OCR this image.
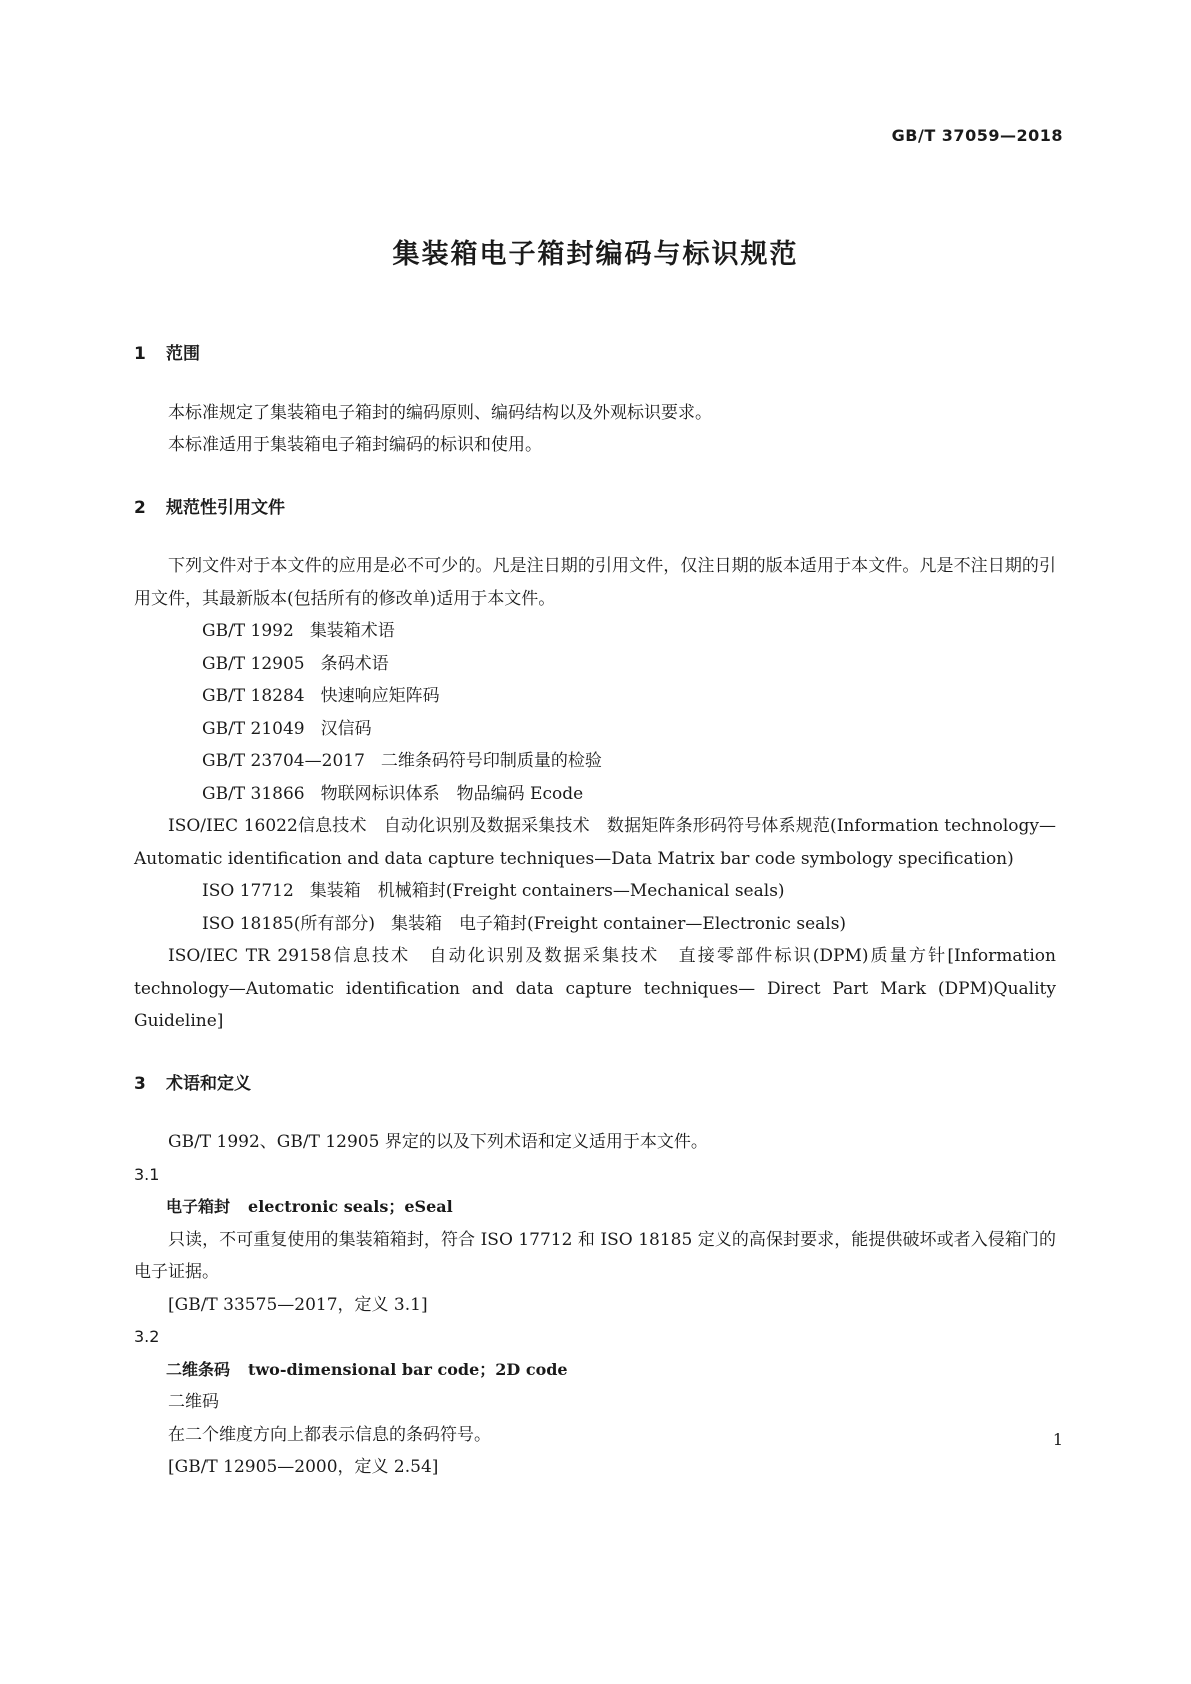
GB/T 37059—2018
集装箱电子箱封编码与标识规范
1 范围

本标准规定了集装箱电子箱封的编码原则、编码结构以及外观标识要求。

本标准适用于集装箱电子箱封编码的标识和使用。

2 规范性引用文件

下列文件对于本文件的应用是必不可少的。凡是注日期的引用文件，仅注日期的版本适用于本文件。凡是不注日期的引用文件，其最新版本(包括所有的修改单)适用于本文件。

GB/T 1992 集装箱术语

GB/T 12905 条码术语

GB/T 18284 快速响应矩阵码

GB/T 21049 汉信码

GB/T 23704—2017 二维条码符号印制质量的检验

GB/T 31866 物联网标识体系　物品编码 Ecode

ISO/IEC 16022信息技术　自动化识别及数据采集技术　数据矩阵条形码符号体系规范(Information technology—Automatic identification and data capture techniques—Data Matrix bar code symbology specification)

ISO 17712 集装箱　机械箱封(Freight containers—Mechanical seals)

ISO 18185(所有部分) 集装箱　电子箱封(Freight container—Electronic seals)

ISO/IEC TR 29158信息技术　自动化识别及数据采集技术　直接零部件标识(DPM)质量方针[Information technology—Automatic identification and data capture techniques— Direct Part Mark (DPM)Quality Guideline]

3 术语和定义

GB/T 1992、GB/T 12905 界定的以及下列术语和定义适用于本文件。

3.1

电子箱封 electronic seals；eSeal

只读，不可重复使用的集装箱箱封，符合 ISO 17712 和 ISO 18185 定义的高保封要求，能提供破坏或者入侵箱门的电子证据。

[GB/T 33575—2017，定义 3.1]

3.2

二维条码 two-dimensional bar code；2D code

二维码

在二个维度方向上都表示信息的条码符号。

[GB/T 12905—2000，定义 2.54]

1
